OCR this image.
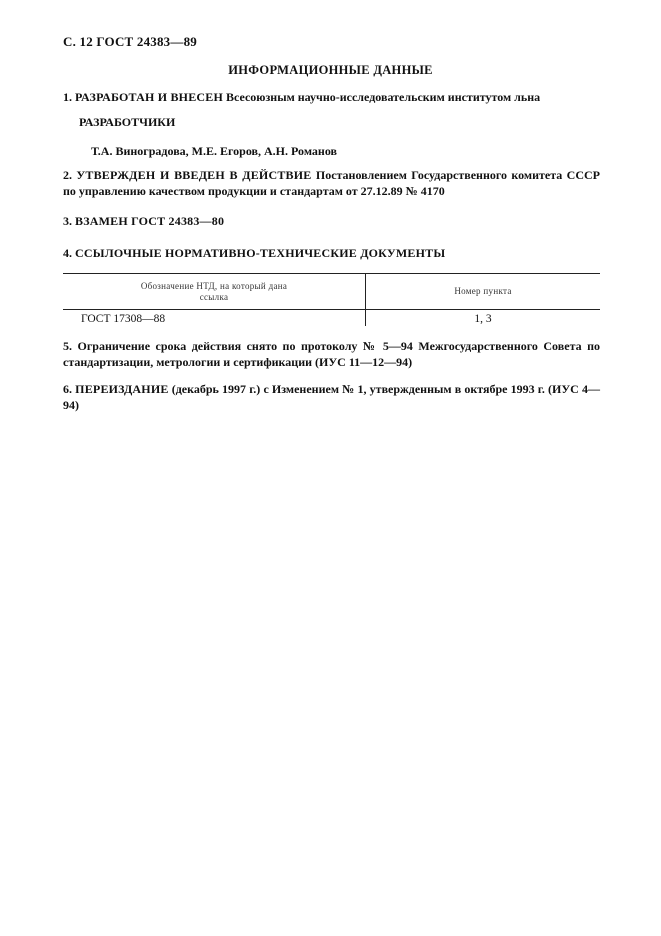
С. 12 ГОСТ 24383—89
ИНФОРМАЦИОННЫЕ ДАННЫЕ
1. РАЗРАБОТАН И ВНЕСЕН Всесоюзным научно-исследовательским институтом льна
РАЗРАБОТЧИКИ
Т.А. Виноградова, М.Е. Егоров, А.Н. Романов
2. УТВЕРЖДЕН И ВВЕДЕН В ДЕЙСТВИЕ Постановлением Государственного комитета СССР по управлению качеством продукции и стандартам от 27.12.89 № 4170
3. ВЗАМЕН ГОСТ 24383—80
4. ССЫЛОЧНЫЕ НОРМАТИВНО-ТЕХНИЧЕСКИЕ ДОКУМЕНТЫ
Обозначение НТД, на который дана ссылка	Номер пункта
ГОСТ 17308—88	1, 3
5. Ограничение срока действия снято по протоколу № 5—94 Межгосударственного Совета по стандартизации, метрологии и сертификации (ИУС 11—12—94)
6. ПЕРЕИЗДАНИЕ (декабрь 1997 г.) с Изменением № 1, утвержденным в октябре 1993 г. (ИУС 4—94)
